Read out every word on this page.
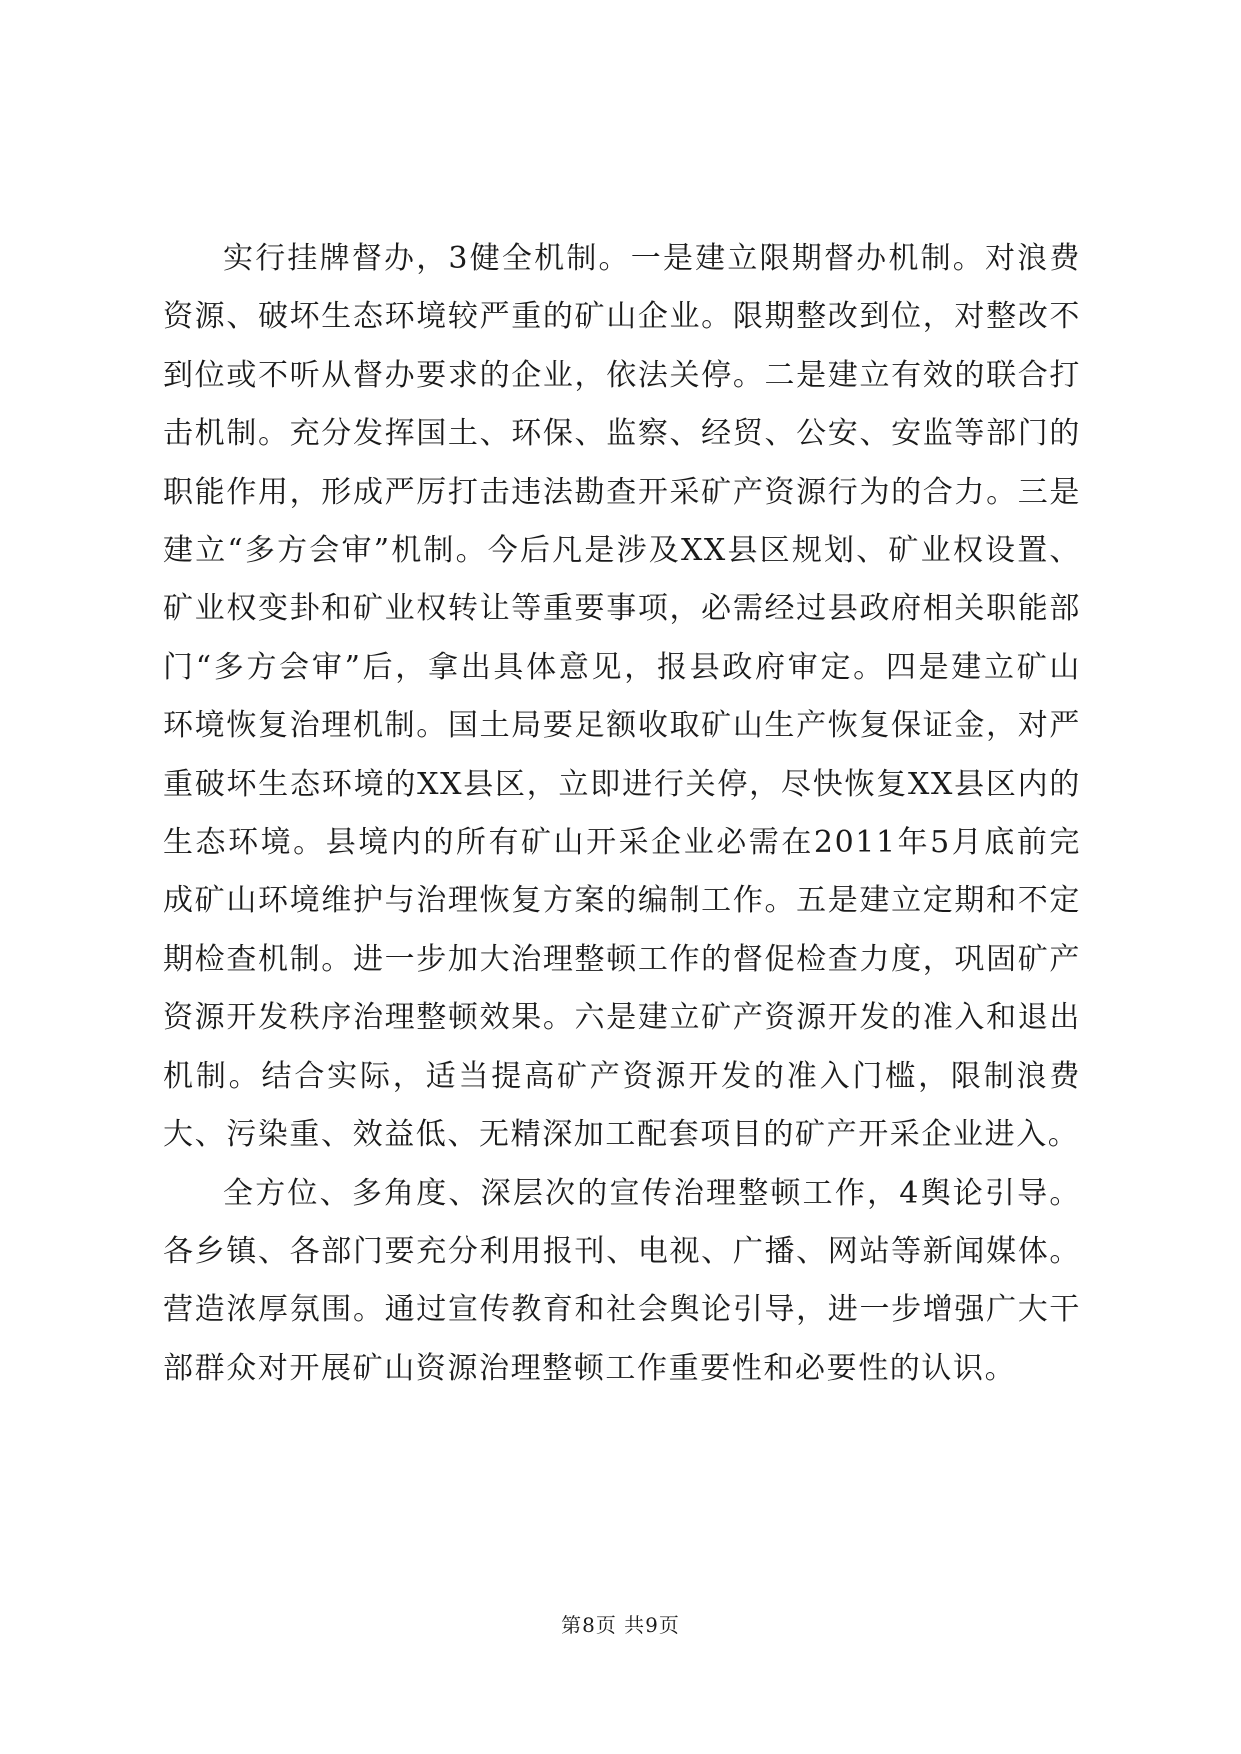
实行挂牌督办，3健全机制。一是建立限期督办机制。对浪费资源、破坏生态环境较严重的矿山企业。限期整改到位，对整改不到位或不听从督办要求的企业，依法关停。二是建立有效的联合打击机制。充分发挥国土、环保、监察、经贸、公安、安监等部门的职能作用，形成严厉打击违法勘查开采矿产资源行为的合力。三是建立“多方会审”机制。今后凡是涉及XX县区规划、矿业权设置、矿业权变卦和矿业权转让等重要事项，必需经过县政府相关职能部门“多方会审”后，拿出具体意见，报县政府审定。四是建立矿山环境恢复治理机制。国土局要足额收取矿山生产恢复保证金，对严重破坏生态环境的XX县区，立即进行关停，尽快恢复XX县区内的生态环境。县境内的所有矿山开采企业必需在2011年5月底前完成矿山环境维护与治理恢复方案的编制工作。五是建立定期和不定期检查机制。进一步加大治理整顿工作的督促检查力度，巩固矿产资源开发秩序治理整顿效果。六是建立矿产资源开发的准入和退出机制。结合实际，适当提高矿产资源开发的准入门槛，限制浪费大、污染重、效益低、无精深加工配套项目的矿产开采企业进入。

全方位、多角度、深层次的宣传治理整顿工作，4舆论引导。各乡镇、各部门要充分利用报刊、电视、广播、网站等新闻媒体。营造浓厚氛围。通过宣传教育和社会舆论引导，进一步增强广大干部群众对开展矿山资源治理整顿工作重要性和必要性的认识。

第8页 共9页
